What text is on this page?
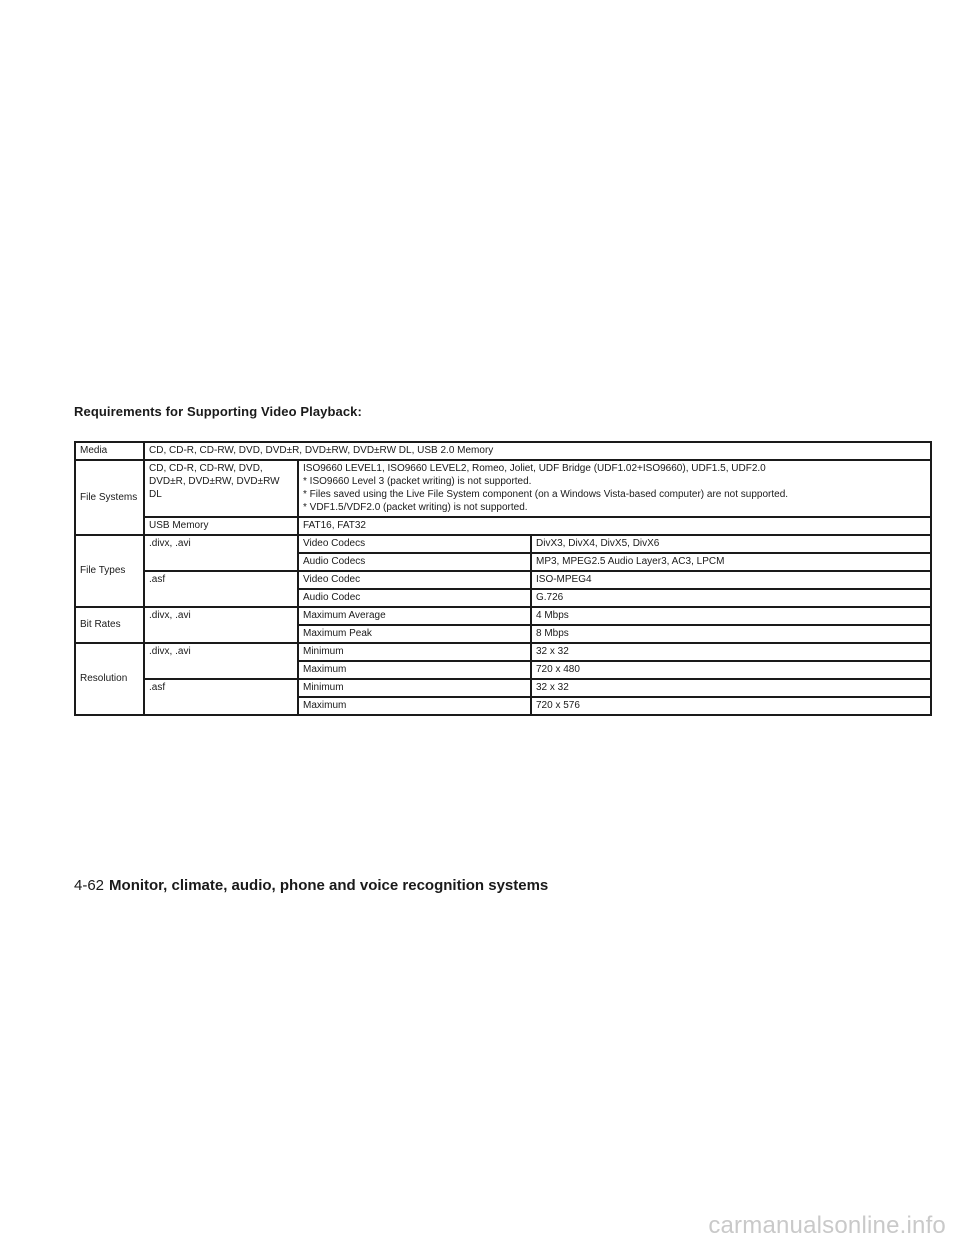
Requirements for Supporting Video Playback:
Media	CD, CD-R, CD-RW, DVD, DVD±R, DVD±RW, DVD±RW DL, USB 2.0 Memory		
File Systems	CD, CD-R, CD-RW, DVD, DVD±R, DVD±RW, DVD±RW DL	ISO9660 LEVEL1, ISO9660 LEVEL2, Romeo, Joliet, UDF Bridge (UDF1.02+ISO9660), UDF1.5, UDF2.0
* ISO9660 Level 3 (packet writing) is not supported.
* Files saved using the Live File System component (on a Windows Vista-based computer) are not supported.
* VDF1.5/VDF2.0 (packet writing) is not supported.	

	USB Memory	FAT16, FAT32	
File Types	.divx, .avi	Video Codecs	DivX3, DivX4, DivX5, DivX6
		Audio Codecs	MP3, MPEG2.5 Audio Layer3, AC3, LPCM
	.asf	Video Codec	ISO-MPEG4
		Audio Codec	G.726
Bit Rates	.divx, .avi	Maximum Average	4 Mbps
		Maximum Peak	8 Mbps
Resolution	.divx, .avi	Minimum	32 x 32
		Maximum	720 x 480
	.asf	Minimum	32 x 32
		Maximum	720 x 576
4-62 Monitor, climate, audio, phone and voice recognition systems
carmanualsonline.info
